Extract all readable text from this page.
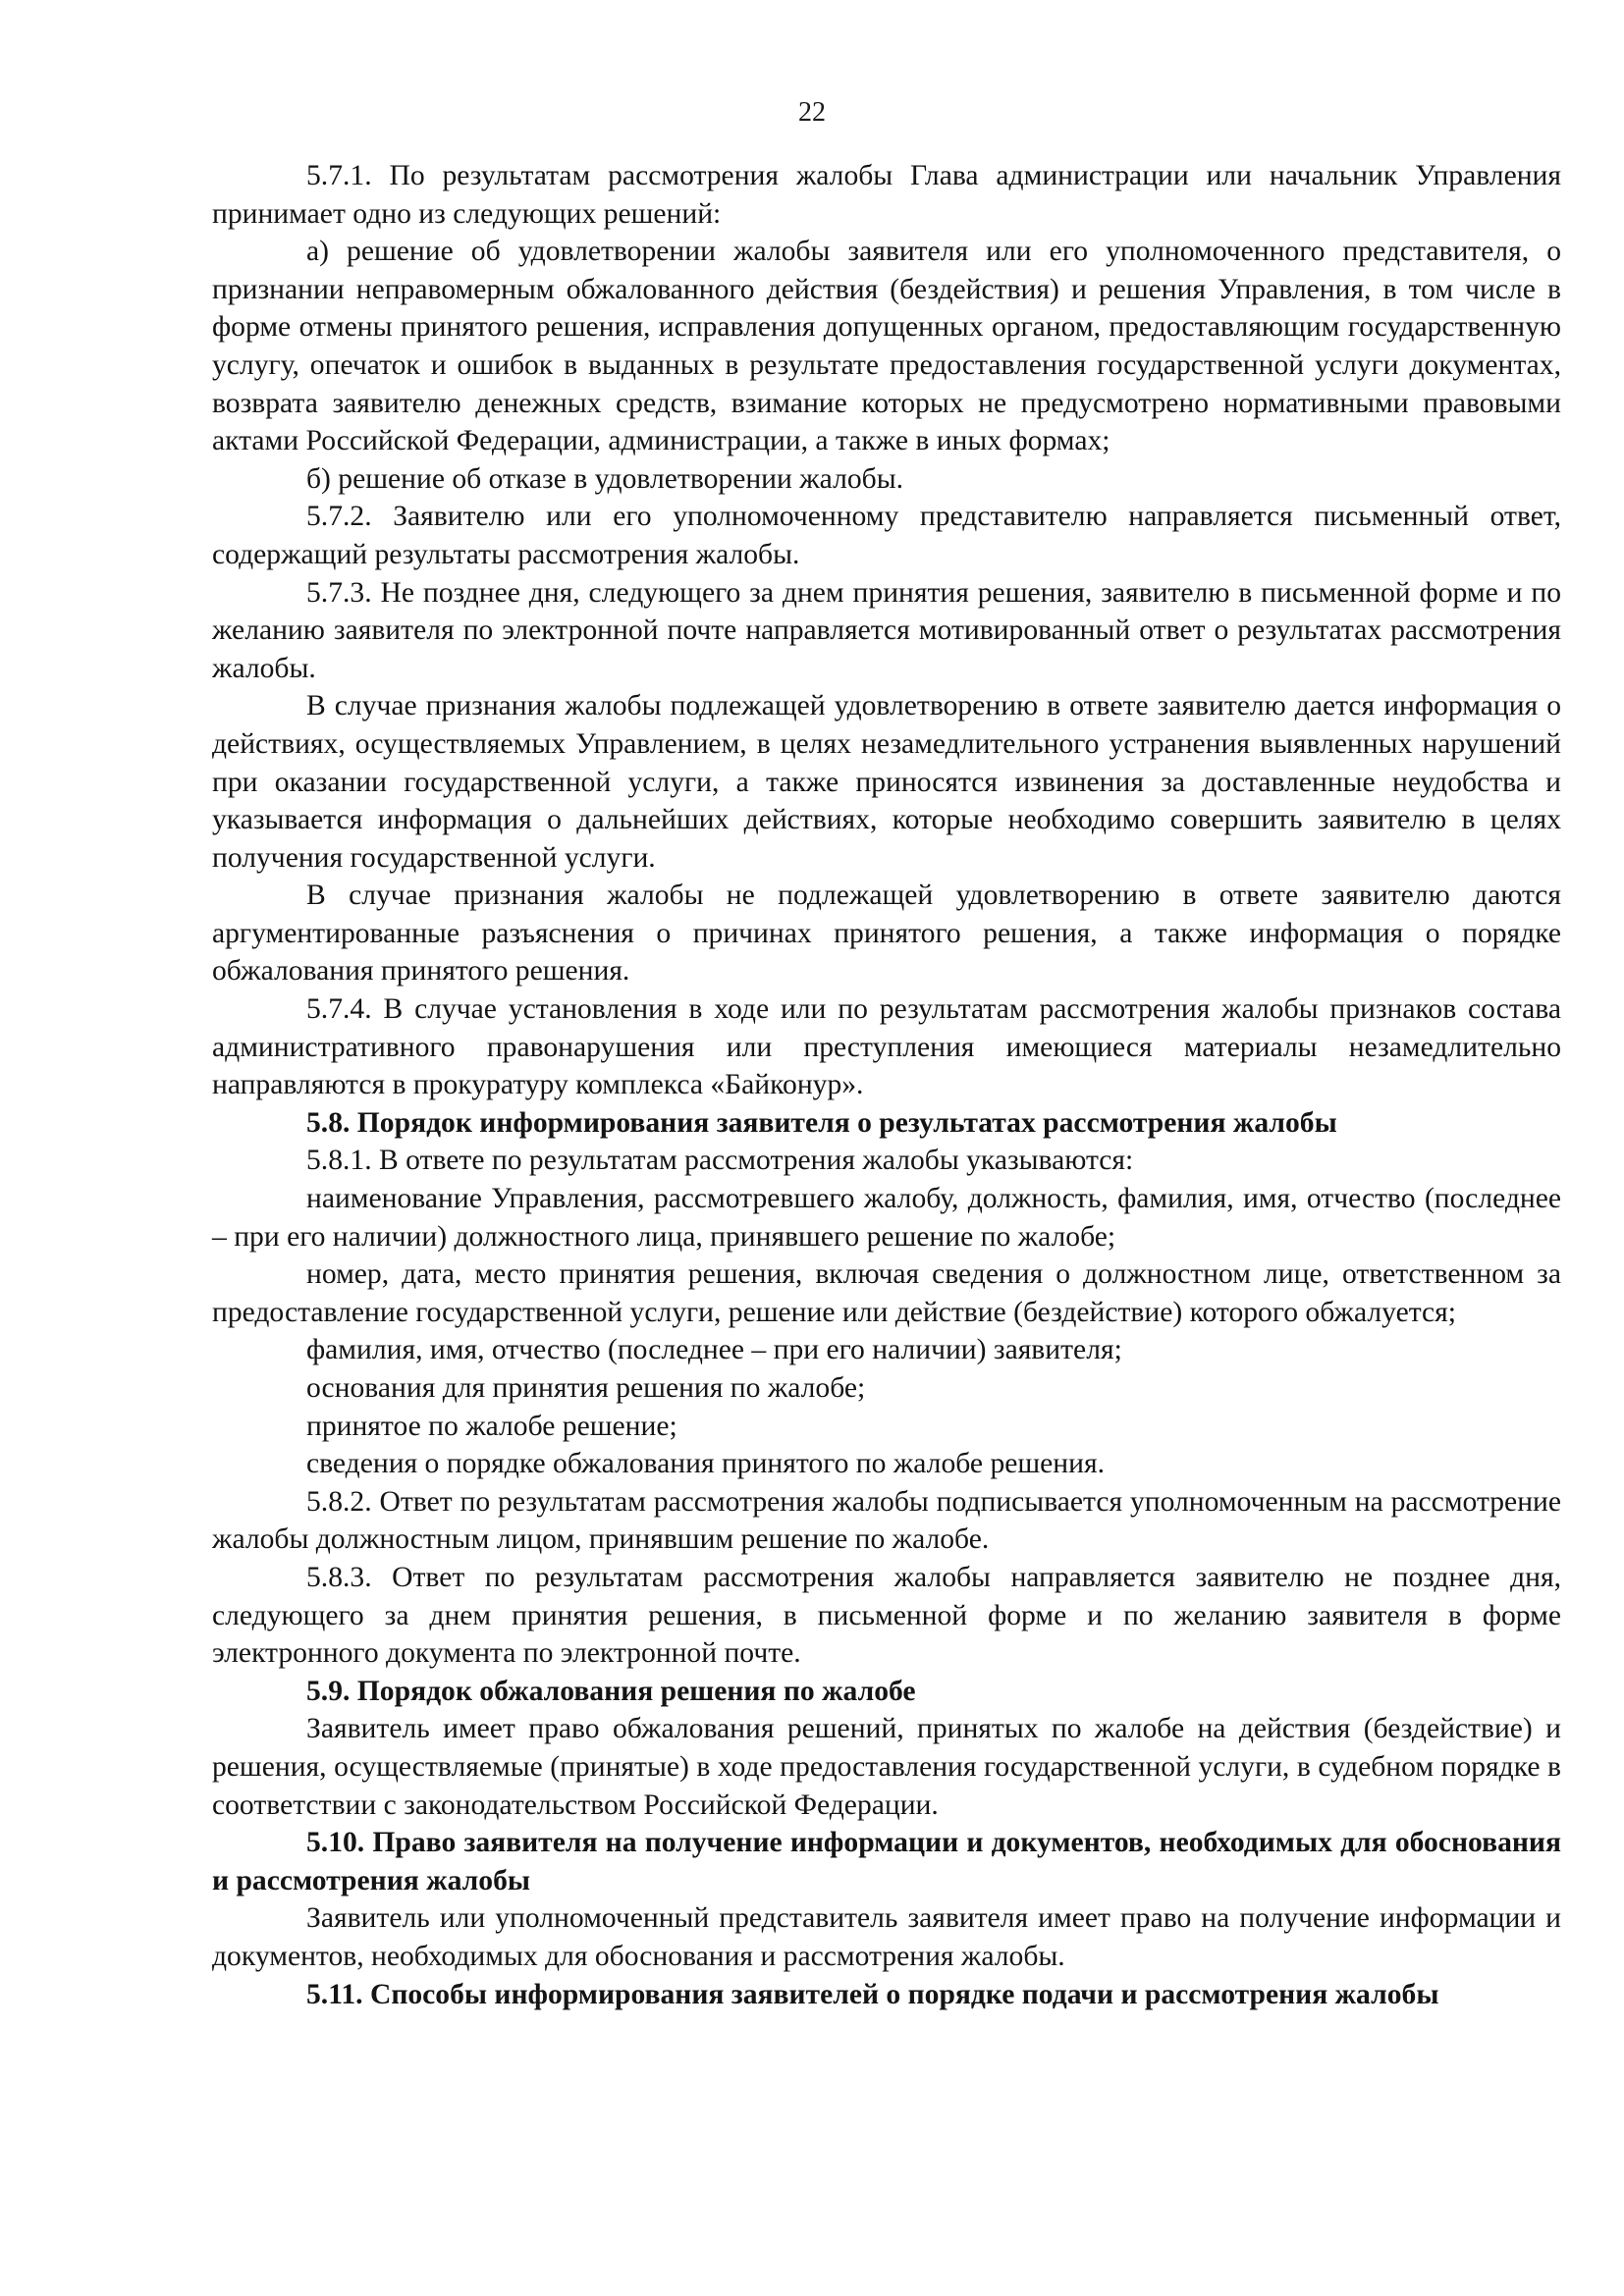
22

5.7.1. По результатам рассмотрения жалобы Глава администрации или начальник Управления принимает одно из следующих решений:

а) решение об удовлетворении жалобы заявителя или его уполномоченного представителя, о признании неправомерным обжалованного действия (бездействия) и решения Управления, в том числе в форме отмены принятого решения, исправления допущенных органом, предоставляющим государственную услугу, опечаток и ошибок в выданных в результате предоставления государственной услуги документах, возврата заявителю денежных средств, взимание которых не предусмотрено нормативными правовыми актами Российской Федерации, администрации, а также в иных формах;

б) решение об отказе в удовлетворении жалобы.

5.7.2. Заявителю или его уполномоченному представителю направляется письменный ответ, содержащий результаты рассмотрения жалобы.

5.7.3. Не позднее дня, следующего за днем принятия решения, заявителю в письменной форме и по желанию заявителя по электронной почте направляется мотивированный ответ о результатах рассмотрения жалобы.

В случае признания жалобы подлежащей удовлетворению в ответе заявителю дается информация о действиях, осуществляемых Управлением, в целях незамедлительного устранения выявленных нарушений при оказании государственной услуги, а также приносятся извинения за доставленные неудобства и указывается информация о дальнейших действиях, которые необходимо совершить заявителю в целях получения государственной услуги.

В случае признания жалобы не подлежащей удовлетворению в ответе заявителю даются аргументированные разъяснения о причинах принятого решения, а также информация о порядке обжалования принятого решения.

5.7.4. В случае установления в ходе или по результатам рассмотрения жалобы признаков состава административного правонарушения или преступления имеющиеся материалы незамедлительно направляются в прокуратуру комплекса «Байконур».

5.8. Порядок информирования заявителя о результатах рассмотрения жалобы

5.8.1. В ответе по результатам рассмотрения жалобы указываются:

наименование Управления, рассмотревшего жалобу, должность, фамилия, имя, отчество (последнее – при его наличии) должностного лица, принявшего решение по жалобе;

номер, дата, место принятия решения, включая сведения о должностном лице, ответственном за предоставление государственной услуги, решение или действие (бездействие) которого обжалуется;

фамилия, имя, отчество (последнее – при его наличии) заявителя;

основания для принятия решения по жалобе;

принятое по жалобе решение;

сведения о порядке обжалования принятого по жалобе решения.

5.8.2. Ответ по результатам рассмотрения жалобы подписывается уполномоченным на рассмотрение жалобы должностным лицом, принявшим решение по жалобе.

5.8.3. Ответ по результатам рассмотрения жалобы направляется заявителю не позднее дня, следующего за днем принятия решения, в письменной форме и по желанию заявителя в форме электронного документа по электронной почте.

5.9. Порядок обжалования решения по жалобе

Заявитель имеет право обжалования решений, принятых по жалобе на действия (бездействие) и решения, осуществляемые (принятые) в ходе предоставления государственной услуги, в судебном порядке в соответствии с законодательством Российской Федерации.

5.10. Право заявителя на получение информации и документов, необходимых для обоснования и рассмотрения жалобы

Заявитель или уполномоченный представитель заявителя имеет право на получение информации и документов, необходимых для обоснования и рассмотрения жалобы.

5.11. Способы информирования заявителей о порядке подачи и рассмотрения жалобы
